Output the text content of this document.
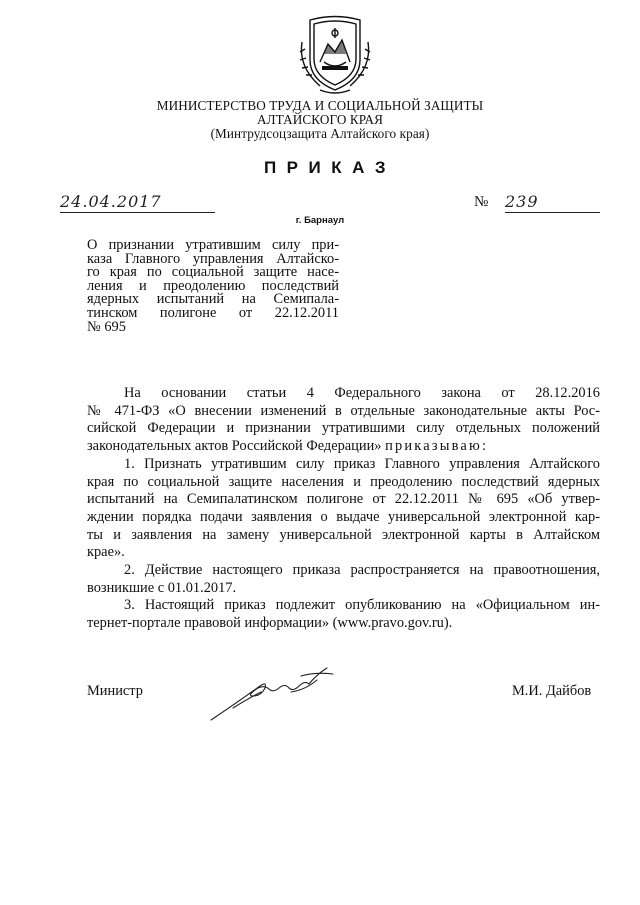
МИНИСТЕРСТВО ТРУДА И СОЦИАЛЬНОЙ ЗАЩИТЫ
АЛТАЙСКОГО КРАЯ
(Минтрудсоцзащита Алтайского края)
ПРИКАЗ
24.04.2017	№ 239
г. Барнаул
О признании утратившим силу при-
каза Главного управления Алтайско-
го края по социальной защите насе-
ления и преодолению последствий
ядерных испытаний на Семипала-
тинском полигоне от 22.12.2011
№ 695

На основании статьи 4 Федерального закона от 28.12.2016

№ 471-ФЗ «О внесении изменений в отдельные законодательные акты Рос-

сийской Федерации и признании утратившими силу отдельных положений

законодательных актов Российской Федерации» приказываю:

1. Признать утратившим силу приказ Главного управления Алтайского

края по социальной защите населения и преодолению последствий ядерных

испытаний на Семипалатинском полигоне от 22.12.2011 № 695 «Об утвер-

ждении порядка подачи заявления о выдаче универсальной электронной кар-

ты и заявления на замену универсальной электронной карты в Алтайском

крае».

2. Действие настоящего приказа распространяется на правоотношения,

возникшие с 01.01.2017.

3. Настоящий приказ подлежит опубликованию на «Официальном ин-

тернет-портале правовой информации» (www.pravo.gov.ru).

Министр	М.И. Дайбов
